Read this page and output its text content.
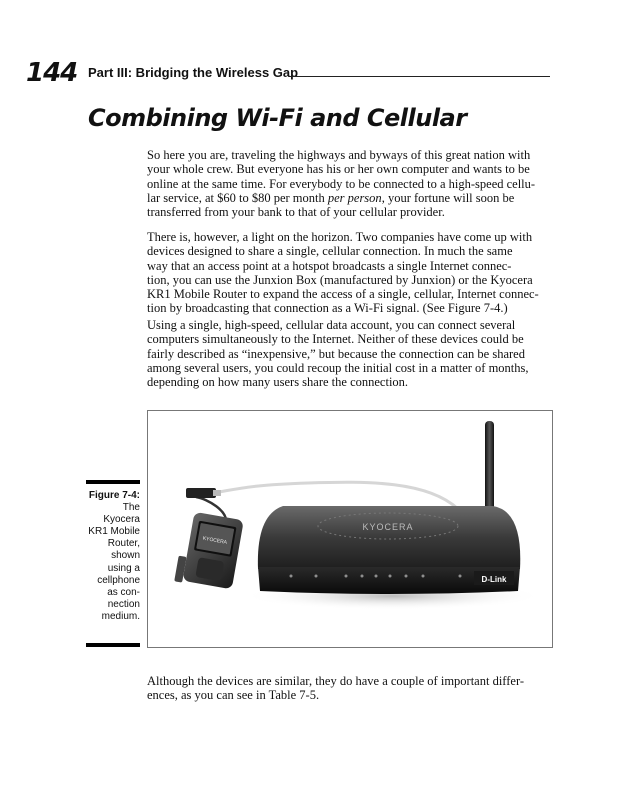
144 Part III: Bridging the Wireless Gap
Combining Wi-Fi and Cellular

So here you are, traveling the highways and byways of this great nation with
your whole crew. But everyone has his or her own computer and wants to be
online at the same time. For everybody to be connected to a high-speed cellu-
lar service, at $60 to $80 per month per person, your fortune will soon be
transferred from your bank to that of your cellular provider.

There is, however, a light on the horizon. Two companies have come up with
devices designed to share a single, cellular connection. In much the same
way that an access point at a hotspot broadcasts a single Internet connec-
tion, you can use the Junxion Box (manufactured by Junxion) or the Kyocera
KR1 Mobile Router to expand the access of a single, cellular, Internet connec-
tion by broadcasting that connection as a Wi-Fi signal. (See Figure 7-4.)

Using a single, high-speed, cellular data account, you can connect several
computers simultaneously to the Internet. Neither of these devices could be
fairly described as “inexpensive,” but because the connection can be shared
among several users, you could recoup the initial cost in a matter of months,
depending on how many users share the connection.

Figure 7-4:
The
Kyocera
KR1 Mobile
Router,
shown
using a
cellphone
as con-
nection
medium.
KYOCERA
D-Link
KYOCERA

Although the devices are similar, they do have a couple of important differ-
ences, as you can see in Table 7-5.
